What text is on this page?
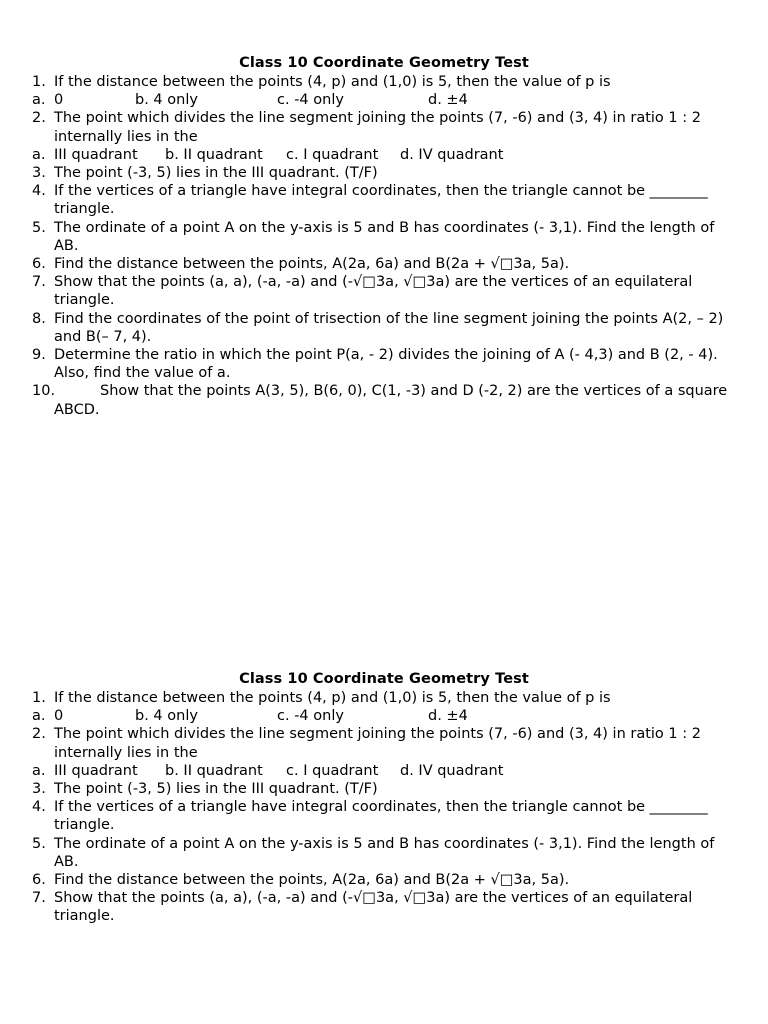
Class 10 Coordinate Geometry Test
1. If the distance between the points (4, p) and (1,0) is 5, then the value of p is
a. 0	b. 4 only	c. -4 only	d. ±4
2. The point which divides the line segment joining the points (7, -6) and (3, 4) in ratio 1 : 2 internally lies in the
a. III quadrant b. II quadrant c. I quadrant d. IV quadrant
3. The point (-3, 5) lies in the III quadrant. (T/F)
4. If the vertices of a triangle have integral coordinates, then the triangle cannot be ________ triangle.
5. The ordinate of a point A on the y-axis is 5 and B has coordinates (- 3,1). Find the length of AB.
6. Find the distance between the points, A(2a, 6a) and B(2a + √□3a, 5a).
7. Show that the points (a, a), (-a, -a) and (-√□3a, √□3a) are the vertices of an equilateral triangle.
8. Find the coordinates of the point of trisection of the line segment joining the points A(2, – 2) and B(– 7, 4).
9. Determine the ratio in which the point P(a, - 2) divides the joining of A (- 4,3) and B (2, - 4). Also, find the value of a.
10.	Show that the points A(3, 5), B(6, 0), C(1, -3) and D (-2, 2) are the vertices of a square ABCD.
Class 10 Coordinate Geometry Test
1. If the distance between the points (4, p) and (1,0) is 5, then the value of p is
a. 0	b. 4 only	c. -4 only	d. ±4
2. The point which divides the line segment joining the points (7, -6) and (3, 4) in ratio 1 : 2 internally lies in the
a. III quadrant b. II quadrant c. I quadrant d. IV quadrant
3. The point (-3, 5) lies in the III quadrant. (T/F)
4. If the vertices of a triangle have integral coordinates, then the triangle cannot be ________ triangle.
5. The ordinate of a point A on the y-axis is 5 and B has coordinates (- 3,1). Find the length of AB.
6. Find the distance between the points, A(2a, 6a) and B(2a + √□3a, 5a).
7. Show that the points (a, a), (-a, -a) and (-√□3a, √□3a) are the vertices of an equilateral triangle.
